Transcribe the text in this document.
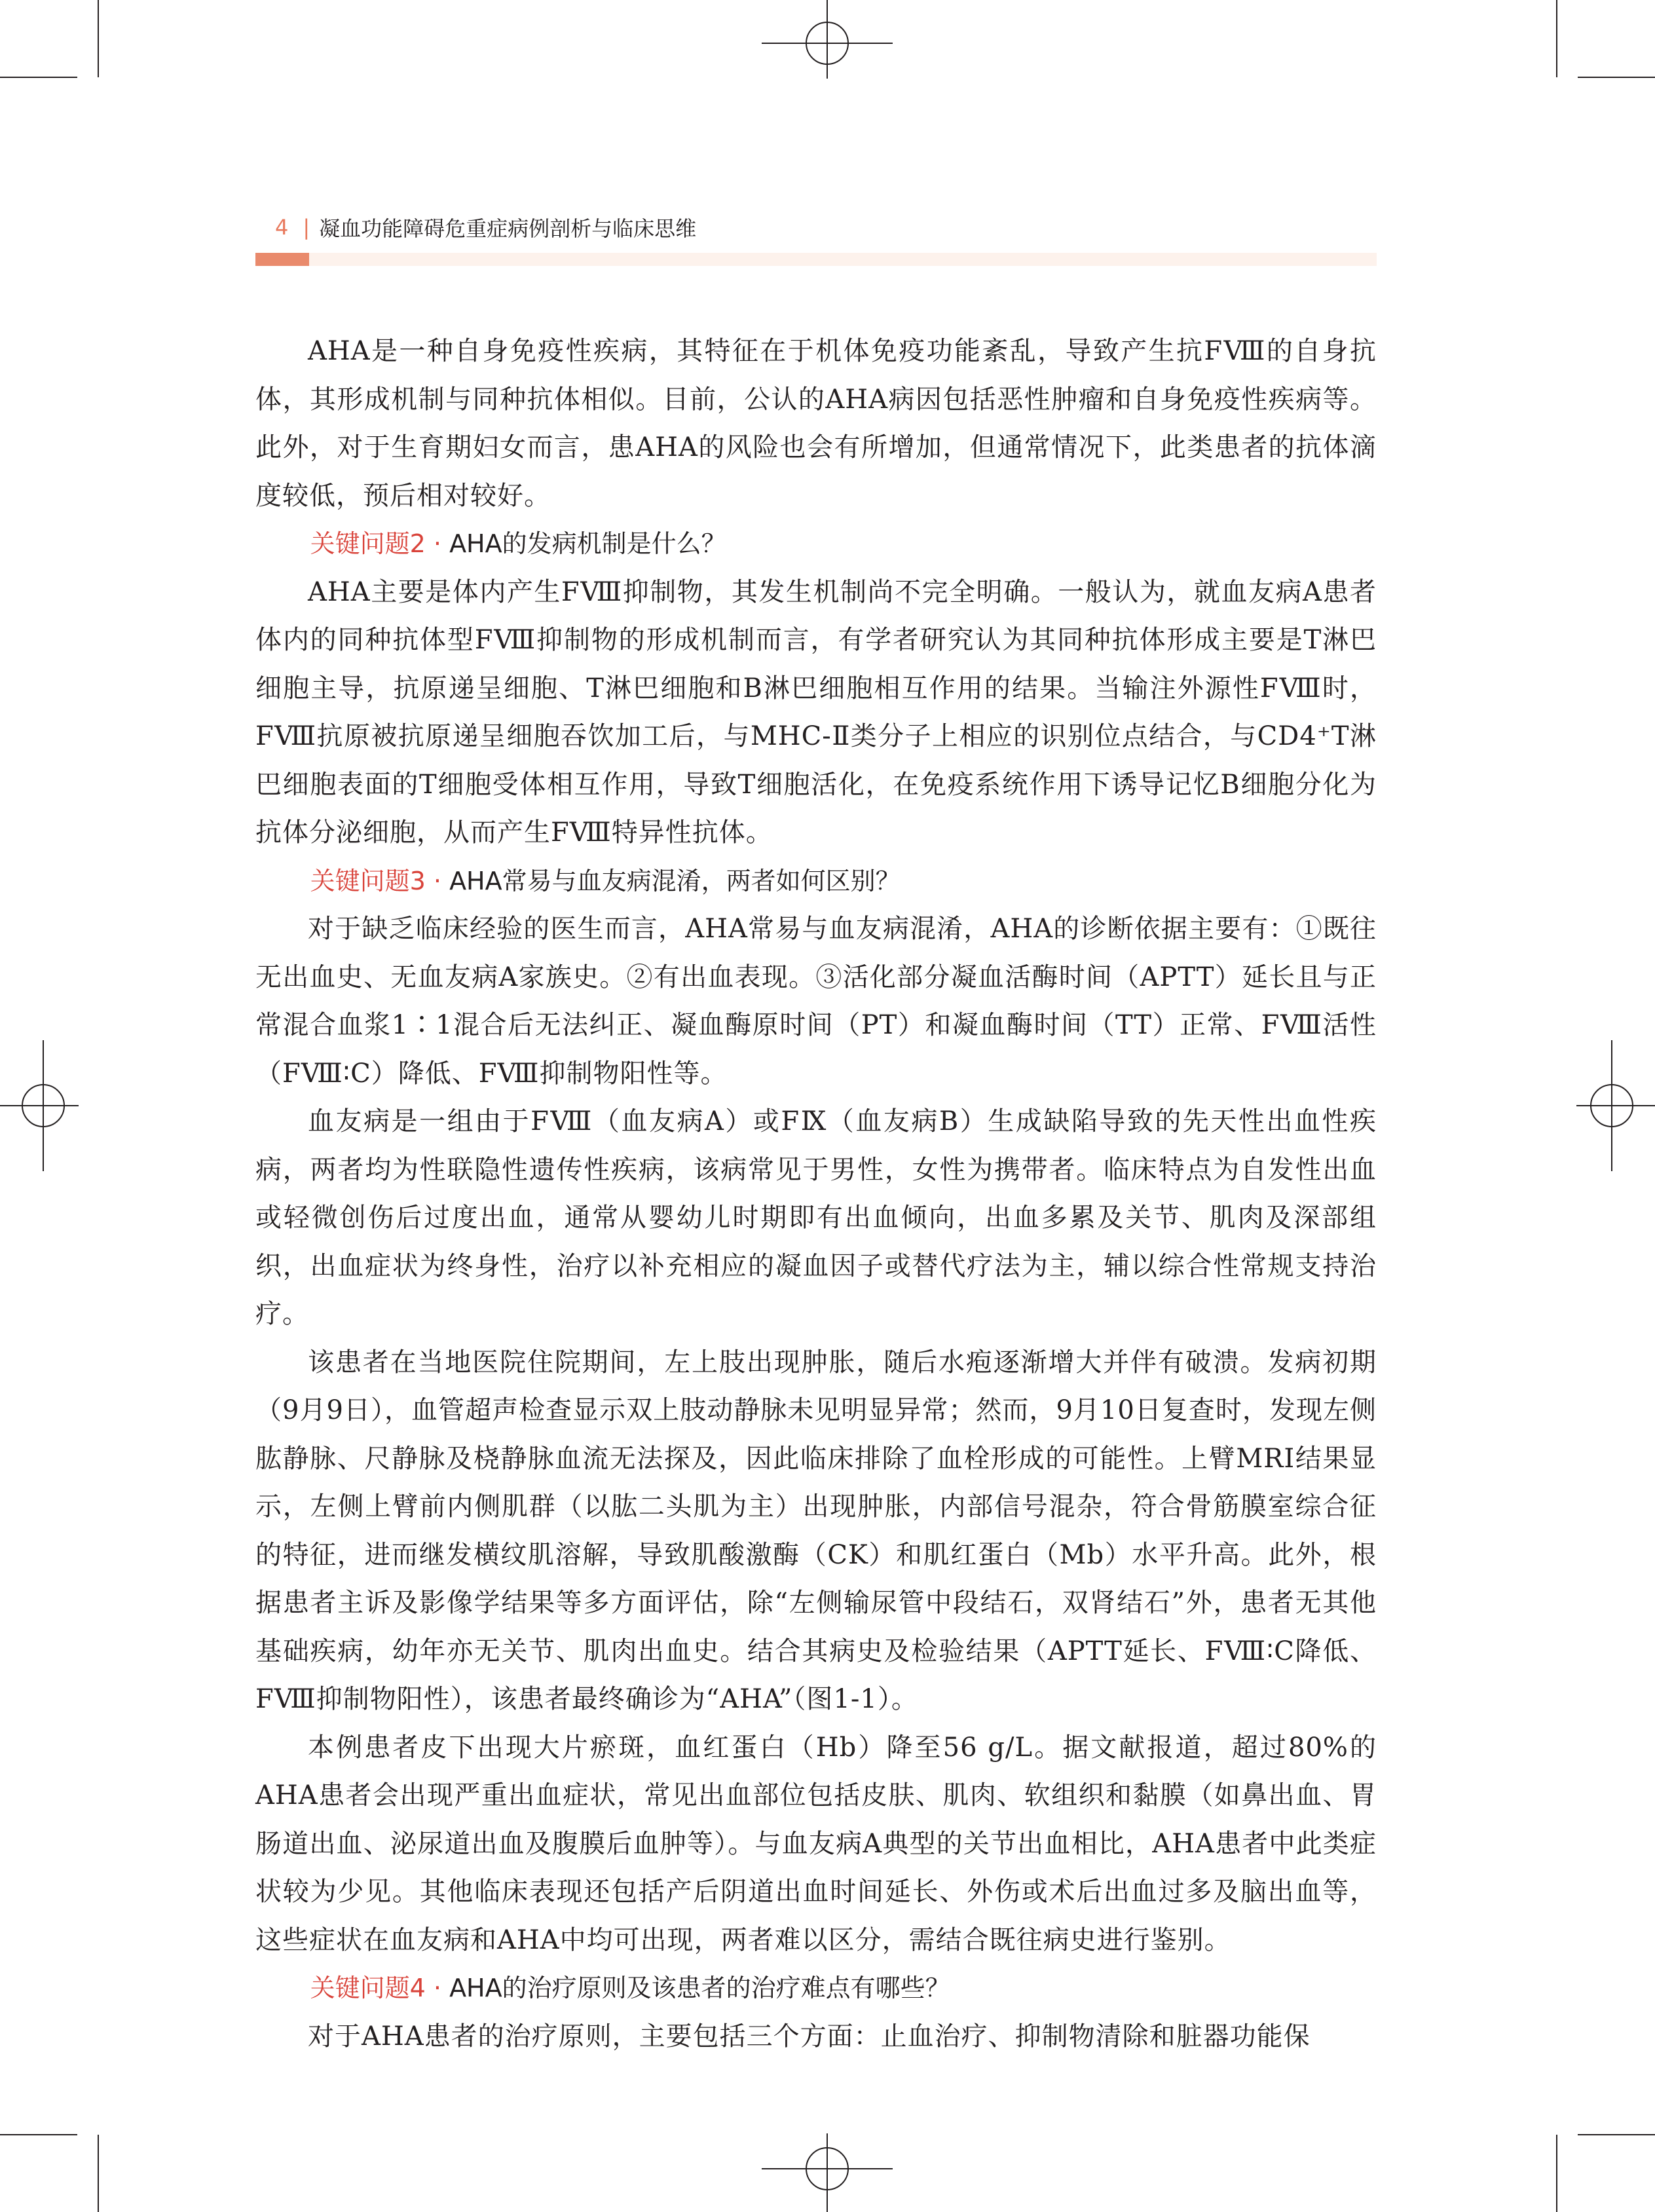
4 | 凝血功能障碍危重症病例剖析与临床思维

AHA是一种自身免疫性疾病，其特征在于机体免疫功能紊乱，导致产生抗FⅧ的自身抗体，其形成机制与同种抗体相似。目前，公认的AHA病因包括恶性肿瘤和自身免疫性疾病等。此外，对于生育期妇女而言，患AHA的风险也会有所增加，但通常情况下，此类患者的抗体滴度较低，预后相对较好。

关键问题2 · AHA的发病机制是什么？

AHA主要是体内产生FⅧ抑制物，其发生机制尚不完全明确。一般认为，就血友病A患者体内的同种抗体型FⅧ抑制物的形成机制而言，有学者研究认为其同种抗体形成主要是T淋巴细胞主导，抗原递呈细胞、T淋巴细胞和B淋巴细胞相互作用的结果。当输注外源性FⅧ时，FⅧ抗原被抗原递呈细胞吞饮加工后，与MHC-Ⅱ类分子上相应的识别位点结合，与CD4⁺T淋巴细胞表面的T细胞受体相互作用，导致T细胞活化，在免疫系统作用下诱导记忆B细胞分化为抗体分泌细胞，从而产生FⅧ特异性抗体。

关键问题3 · AHA常易与血友病混淆，两者如何区别？

对于缺乏临床经验的医生而言，AHA常易与血友病混淆，AHA的诊断依据主要有：①既往无出血史、无血友病A家族史。②有出血表现。③活化部分凝血活酶时间（APTT）延长且与正常混合血浆1∶1混合后无法纠正、凝血酶原时间（PT）和凝血酶时间（TT）正常、FⅧ活性（FⅧ∶C）降低、FⅧ抑制物阳性等。

血友病是一组由于FⅧ（血友病A）或FⅨ（血友病B）生成缺陷导致的先天性出血性疾病，两者均为性联隐性遗传性疾病，该病常见于男性，女性为携带者。临床特点为自发性出血或轻微创伤后过度出血，通常从婴幼儿时期即有出血倾向，出血多累及关节、肌肉及深部组织，出血症状为终身性，治疗以补充相应的凝血因子或替代疗法为主，辅以综合性常规支持治疗。

该患者在当地医院住院期间，左上肢出现肿胀，随后水疱逐渐增大并伴有破溃。发病初期（9月9日），血管超声检查显示双上肢动静脉未见明显异常；然而，9月10日复查时，发现左侧肱静脉、尺静脉及桡静脉血流无法探及，因此临床排除了血栓形成的可能性。上臂MRI结果显示，左侧上臂前内侧肌群（以肱二头肌为主）出现肿胀，内部信号混杂，符合骨筋膜室综合征的特征，进而继发横纹肌溶解，导致肌酸激酶（CK）和肌红蛋白（Mb）水平升高。此外，根据患者主诉及影像学结果等多方面评估，除“左侧输尿管中段结石，双肾结石”外，患者无其他基础疾病，幼年亦无关节、肌肉出血史。结合其病史及检验结果（APTT延长、FⅧ∶C降低、FⅧ抑制物阳性），该患者最终确诊为“AHA”（图1-1）。

本例患者皮下出现大片瘀斑，血红蛋白（Hb）降至56 g/L。据文献报道，超过80%的AHA患者会出现严重出血症状，常见出血部位包括皮肤、肌肉、软组织和黏膜（如鼻出血、胃肠道出血、泌尿道出血及腹膜后血肿等）。与血友病A典型的关节出血相比，AHA患者中此类症状较为少见。其他临床表现还包括产后阴道出血时间延长、外伤或术后出血过多及脑出血等，这些症状在血友病和AHA中均可出现，两者难以区分，需结合既往病史进行鉴别。

关键问题4 · AHA的治疗原则及该患者的治疗难点有哪些？

对于AHA患者的治疗原则，主要包括三个方面：止血治疗、抑制物清除和脏器功能保
